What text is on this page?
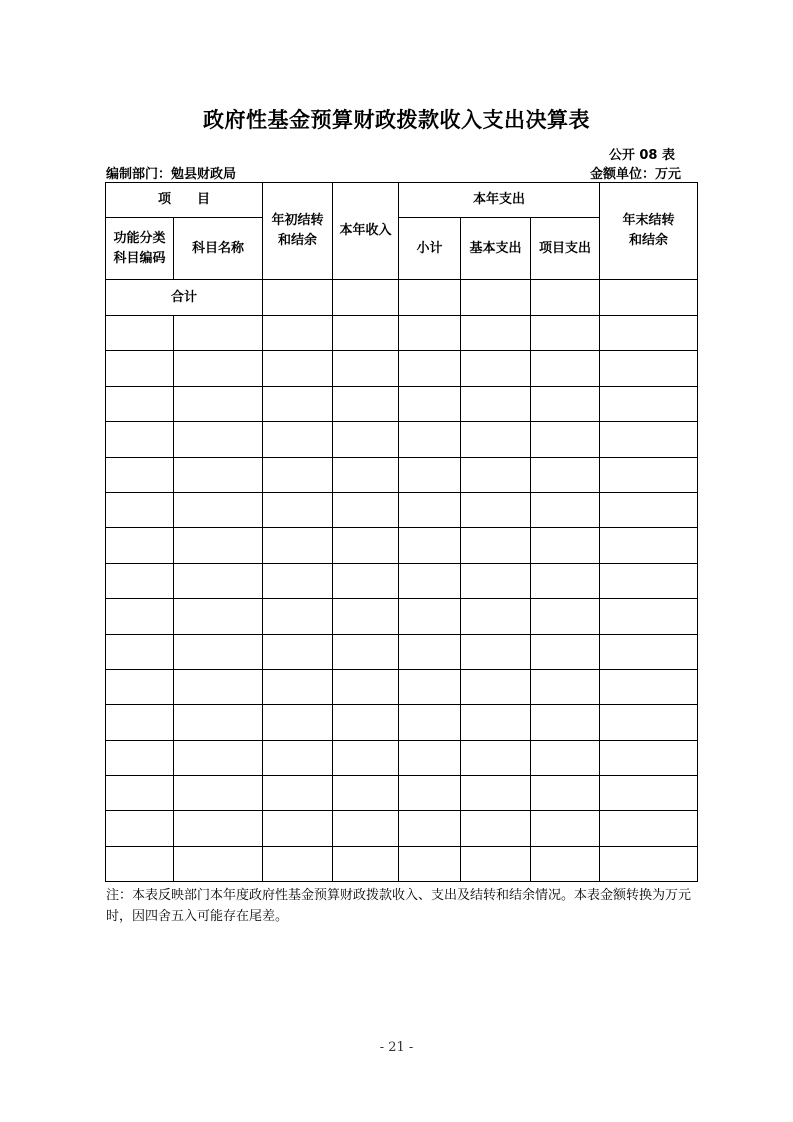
政府性基金预算财政拨款收入支出决算表
公开 08 表
编制部门：勉县财政局	金额单位：万元
项　　目		年初结转和结余	本年收入	本年支出			年末结转和结余

功能分类科目编码	科目名称			小计	基本支出	项目支出	
合计							

注：本表反映部门本年度政府性基金预算财政拨款收入、支出及结转和结余情况。本表金额转换为万元时，因四舍五入可能存在尾差。
- 21 -
